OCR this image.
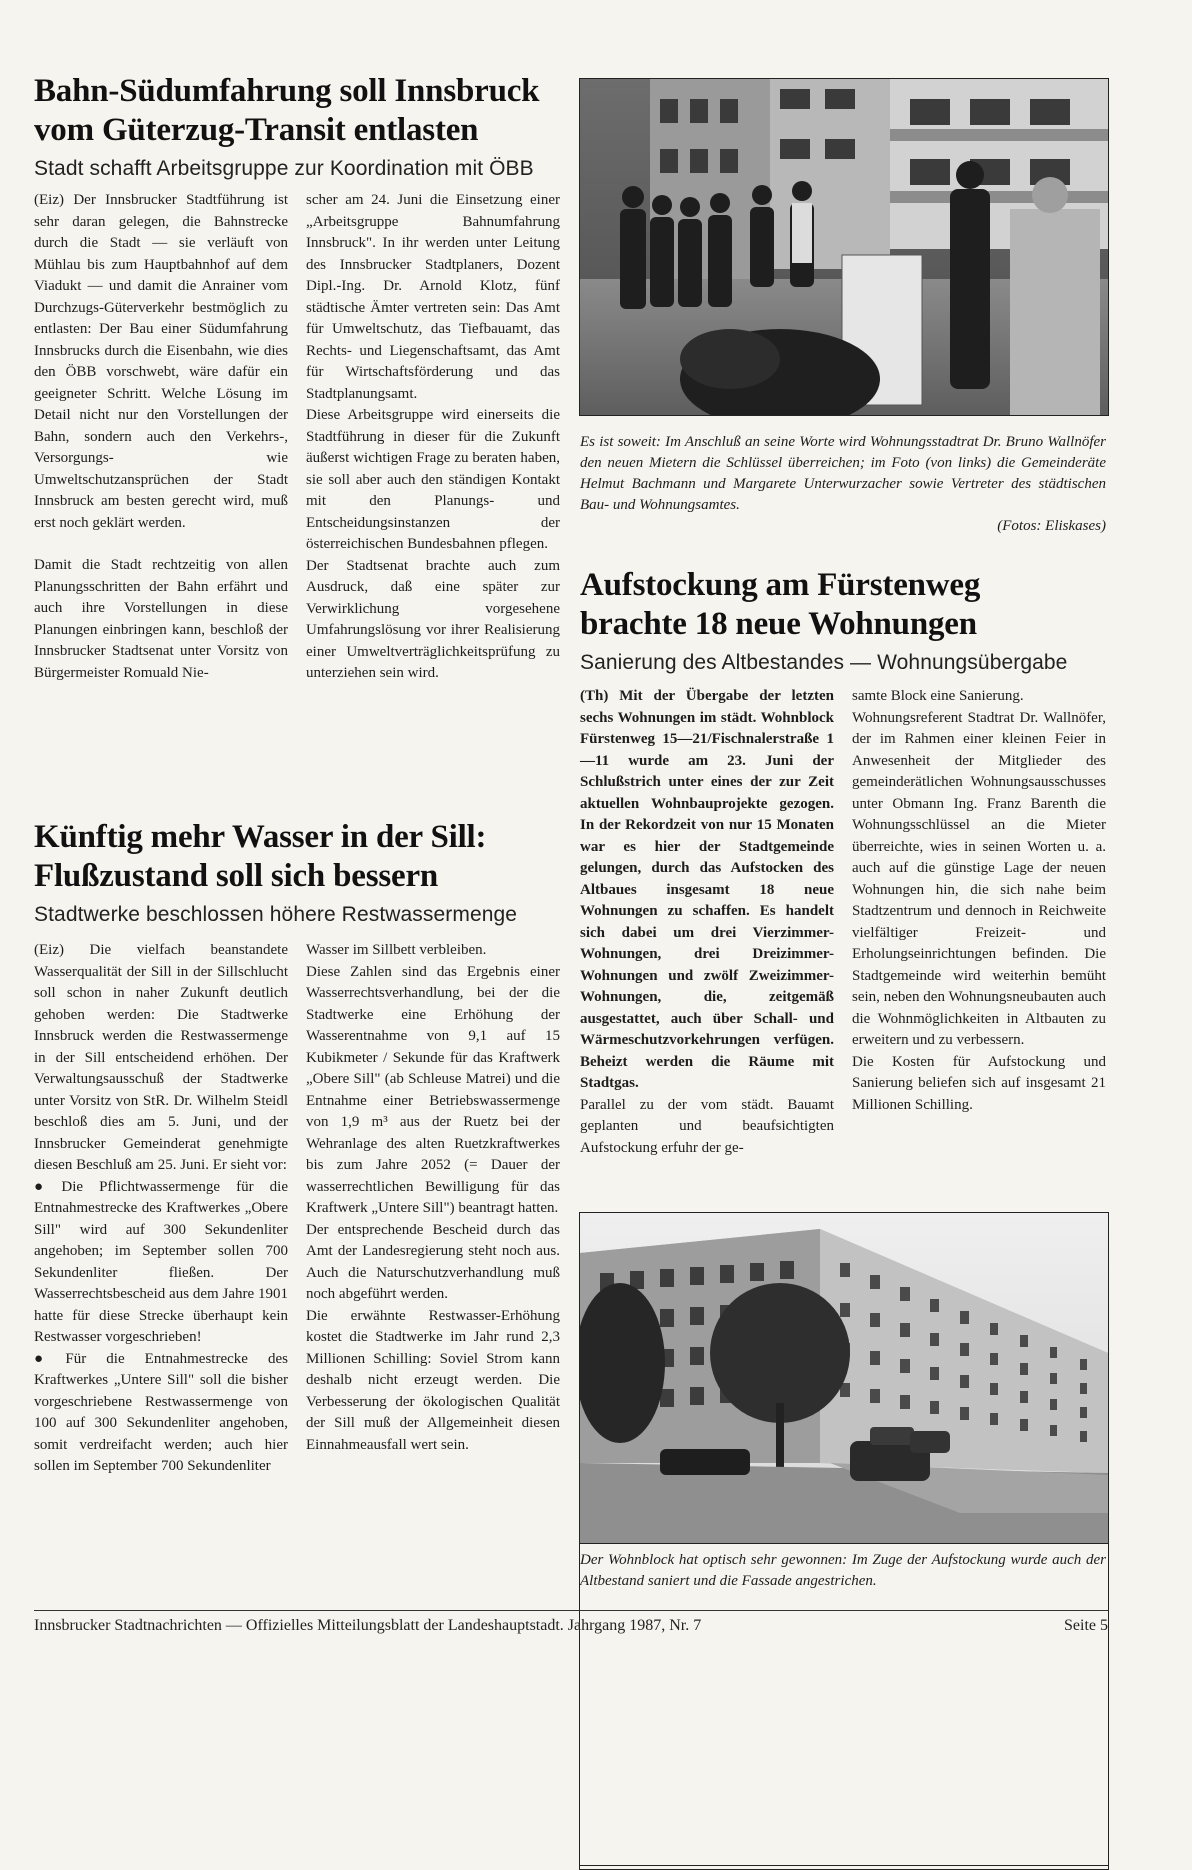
Bahn-Südumfahrung soll Innsbruck
vom Güterzug-Transit entlasten

Stadt schafft Arbeitsgruppe zur Koordination mit ÖBB

(Eiz) Der Innsbrucker Stadtführung ist sehr daran gelegen, die Bahnstrecke durch die Stadt — sie verläuft von Mühlau bis zum Hauptbahnhof auf dem Viadukt — und damit die Anrainer vom Durchzugs-Güterverkehr bestmöglich zu entlasten: Der Bau einer Südumfahrung Innsbrucks durch die Eisenbahn, wie dies den ÖBB vorschwebt, wäre dafür ein geeigneter Schritt. Welche Lösung im Detail nicht nur den Vorstellungen der Bahn, sondern auch den Verkehrs-, Versorgungs- wie Umweltschutzansprüchen der Stadt Innsbruck am besten gerecht wird, muß erst noch geklärt werden.

Damit die Stadt rechtzeitig von allen Planungsschritten der Bahn erfährt und auch ihre Vorstellungen in diese Planungen einbringen kann, beschloß der Innsbrucker Stadtsenat unter Vorsitz von Bürgermeister Romuald Nie-

scher am 24. Juni die Einsetzung einer „Arbeitsgruppe Bahnumfahrung Innsbruck". In ihr werden unter Leitung des Innsbrucker Stadtplaners, Dozent Dipl.-Ing. Dr. Arnold Klotz, fünf städtische Ämter vertreten sein: Das Amt für Umweltschutz, das Tiefbauamt, das Rechts- und Liegenschaftsamt, das Amt für Wirtschaftsförderung und das Stadtplanungsamt.

Diese Arbeitsgruppe wird einerseits die Stadtführung in dieser für die Zukunft äußerst wichtigen Frage zu beraten haben, sie soll aber auch den ständigen Kontakt mit den Planungs- und Entscheidungsinstanzen der österreichischen Bundesbahnen pflegen.

Der Stadtsenat brachte auch zum Ausdruck, daß eine später zur Verwirklichung vorgesehene Umfahrungslösung vor ihrer Realisierung einer Umweltverträglichkeitsprüfung zu unterziehen sein wird.

Es ist soweit: Im Anschluß an seine Worte wird Wohnungsstadtrat Dr. Bruno Wallnöfer den neuen Mietern die Schlüssel überreichen; im Foto (von links) die Gemeinderäte Helmut Bachmann und Margarete Unterwurzacher sowie Vertreter des städtischen Bau- und Wohnungsamtes.
(Fotos: Eliskases)
Aufstockung am Fürstenweg
brachte 18 neue Wohnungen

Sanierung des Altbestandes — Wohnungsübergabe

(Th) Mit der Übergabe der letzten sechs Wohnungen im städt. Wohnblock Fürstenweg 15—21/Fischnalerstraße 1—11 wurde am 23. Juni der Schlußstrich unter eines der zur Zeit aktuellen Wohnbauprojekte gezogen. In der Rekordzeit von nur 15 Monaten war es hier der Stadtgemeinde gelungen, durch das Aufstocken des Altbaues insgesamt 18 neue Wohnungen zu schaffen. Es handelt sich dabei um drei Vierzimmer-Wohnungen, drei Dreizimmer-Wohnungen und zwölf Zweizimmer-Wohnungen, die, zeitgemäß ausgestattet, auch über Schall- und Wärmeschutzvorkehrungen verfügen. Beheizt werden die Räume mit Stadtgas.

Parallel zu der vom städt. Bauamt geplanten und beaufsichtigten Aufstockung erfuhr der ge-

samte Block eine Sanierung.

Wohnungsreferent Stadtrat Dr. Wallnöfer, der im Rahmen einer kleinen Feier in Anwesenheit der Mitglieder des gemeinderätlichen Wohnungsausschusses unter Obmann Ing. Franz Barenth die Wohnungsschlüssel an die Mieter überreichte, wies in seinen Worten u. a. auch auf die günstige Lage der neuen Wohnungen hin, die sich nahe beim Stadtzentrum und dennoch in Reichweite vielfältiger Freizeit- und Erholungseinrichtungen befinden. Die Stadtgemeinde wird weiterhin bemüht sein, neben den Wohnungsneubauten auch die Wohnmöglichkeiten in Altbauten zu erweitern und zu verbessern.

Die Kosten für Aufstockung und Sanierung beliefen sich auf insgesamt 21 Millionen Schilling.

Künftig mehr Wasser in der Sill:
Flußzustand soll sich bessern

Stadtwerke beschlossen höhere Restwassermenge

(Eiz) Die vielfach beanstandete Wasserqualität der Sill in der Sillschlucht soll schon in naher Zukunft deutlich gehoben werden: Die Stadtwerke Innsbruck werden die Restwassermenge in der Sill entscheidend erhöhen. Der Verwaltungsausschuß der Stadtwerke unter Vorsitz von StR. Dr. Wilhelm Steidl beschloß dies am 5. Juni, und der Innsbrucker Gemeinderat genehmigte diesen Beschluß am 25. Juni. Er sieht vor:

● Die Pflichtwassermenge für die Entnahmestrecke des Kraftwerkes „Obere Sill" wird auf 300 Sekundenliter angehoben; im September sollen 700 Sekundenliter fließen. Der Wasserrechtsbescheid aus dem Jahre 1901 hatte für diese Strecke überhaupt kein Restwasser vorgeschrieben!

● Für die Entnahmestrecke des Kraftwerkes „Untere Sill" soll die bisher vorgeschriebene Restwassermenge von 100 auf 300 Sekundenliter angehoben, somit verdreifacht werden; auch hier sollen im September 700 Sekundenliter

Wasser im Sillbett verbleiben.

Diese Zahlen sind das Ergebnis einer Wasserrechtsverhandlung, bei der die Stadtwerke eine Erhöhung der Wasserentnahme von 9,1 auf 15 Kubikmeter / Sekunde für das Kraftwerk „Obere Sill" (ab Schleuse Matrei) und die Entnahme einer Betriebswassermenge von 1,9 m³ aus der Ruetz bei der Wehranlage des alten Ruetzkraftwerkes bis zum Jahre 2052 (= Dauer der wasserrechtlichen Bewilligung für das Kraftwerk „Untere Sill") beantragt hatten.

Der entsprechende Bescheid durch das Amt der Landesregierung steht noch aus. Auch die Naturschutzverhandlung muß noch abgeführt werden.

Die erwähnte Restwasser-Erhöhung kostet die Stadtwerke im Jahr rund 2,3 Millionen Schilling: Soviel Strom kann deshalb nicht erzeugt werden. Die Verbesserung der ökologischen Qualität der Sill muß der Allgemeinheit diesen Einnahmeausfall wert sein.

Der Wohnblock hat optisch sehr gewonnen: Im Zuge der Aufstockung wurde auch der Altbestand saniert und die Fassade angestrichen.
Innsbrucker Stadtnachrichten — Offizielles Mitteilungsblatt der Landeshauptstadt. Jahrgang 1987, Nr. 7	Seite 5
